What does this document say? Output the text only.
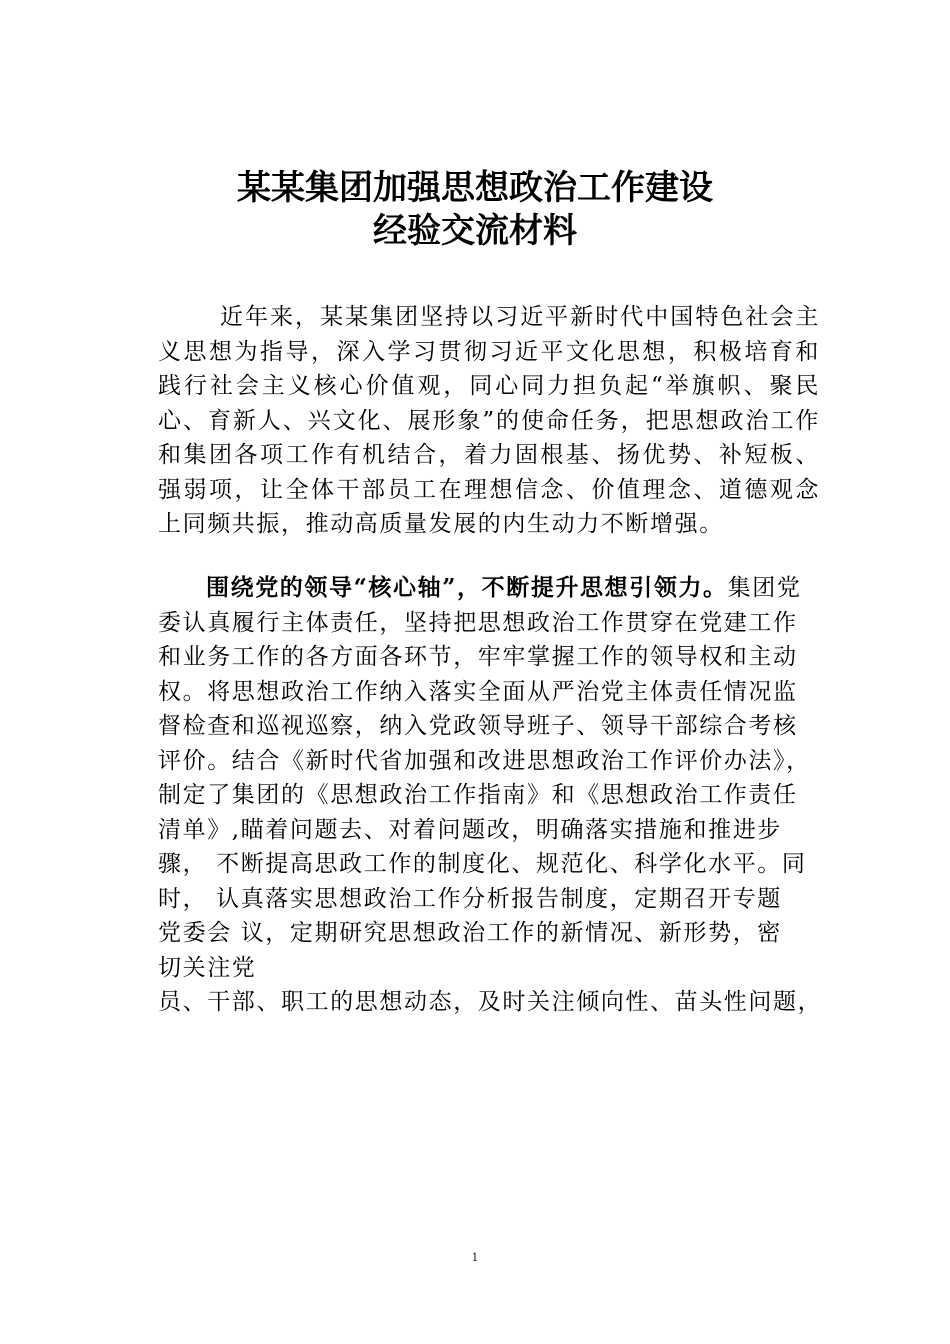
某某集团加强思想政治工作建设
经验交流材料

近年来，某某集团坚持以习近平新时代中国特色社会主义思想为指导，深入学习贯彻习近平文化思想，积极培育和践行社会主义核心价值观，同心同力担负起“举旗帜、聚民心、育新人、兴文化、展形象”的使命任务，把思想政治工作和集团各项工作有机结合，着力固根基、扬优势、补短板、强弱项，让全体干部员工在理想信念、价值理念、道德观念上同频共振，推动高质量发展的内生动力不断增强。

围绕党的领导“核心轴”，不断提升思想引领力。集团党
委认真履行主体责任，坚持把思想政治工作贯穿在党建工作
和业务工作的各方面各环节，牢牢掌握工作的领导权和主动
权。将思想政治工作纳入落实全面从严治党主体责任情况监
督检查和巡视巡察，纳入党政领导班子、领导干部综合考核
评价。结合《新时代省加强和改进思想政治工作评价办法》，
制定了集团的《思想政治工作指南》和《思想政治工作责任
清单》,瞄着问题去、对着问题改，明确落实措施和推进步
骤， 不断提高思政工作的制度化、规范化、科学化水平。同
时， 认真落实思想政治工作分析报告制度，定期召开专题
党委会 议，定期研究思想政治工作的新情况、新形势，密
切关注党
员、干部、职工的思想动态，及时关注倾向性、苗头性问题，
1
